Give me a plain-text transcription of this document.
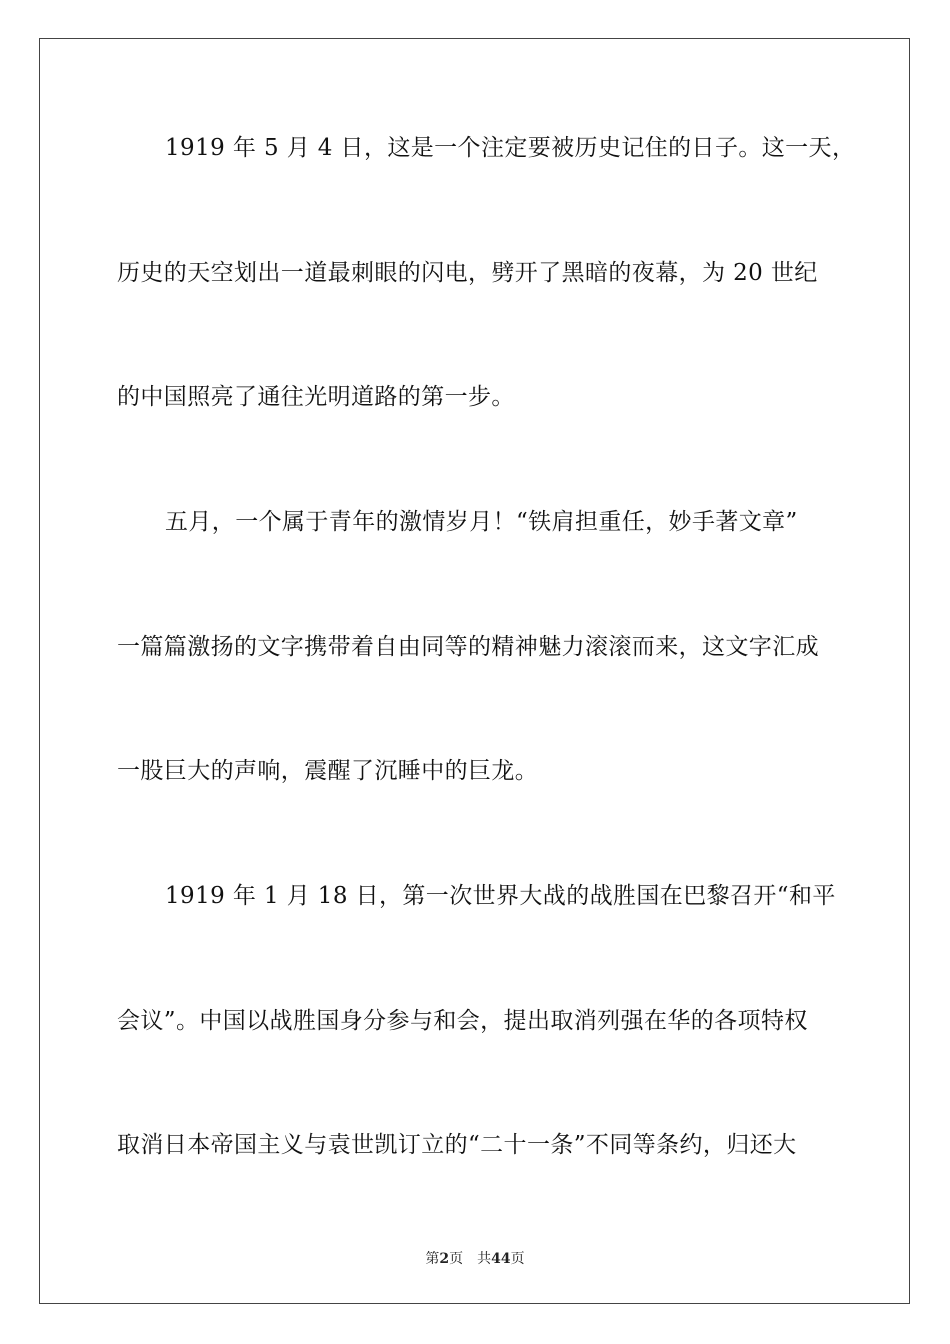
1919 年 5 月 4 日，这是一个注定要被历史记住的日子。这一天，
历史的天空划出一道最刺眼的闪电，劈开了黑暗的夜幕，为 20 世纪
的中国照亮了通往光明道路的第一步。
五月，一个属于青年的激情岁月！“铁肩担重任，妙手著文章”
一篇篇激扬的文字携带着自由同等的精神魅力滚滚而来，这文字汇成
一股巨大的声响，震醒了沉睡中的巨龙。
1919 年 1 月 18 日，第一次世界大战的战胜国在巴黎召开“和平
会议”。中国以战胜国身分参与和会，提出取消列强在华的各项特权
取消日本帝国主义与袁世凯订立的“二十一条”不同等条约，归还大
第2页 共44页
